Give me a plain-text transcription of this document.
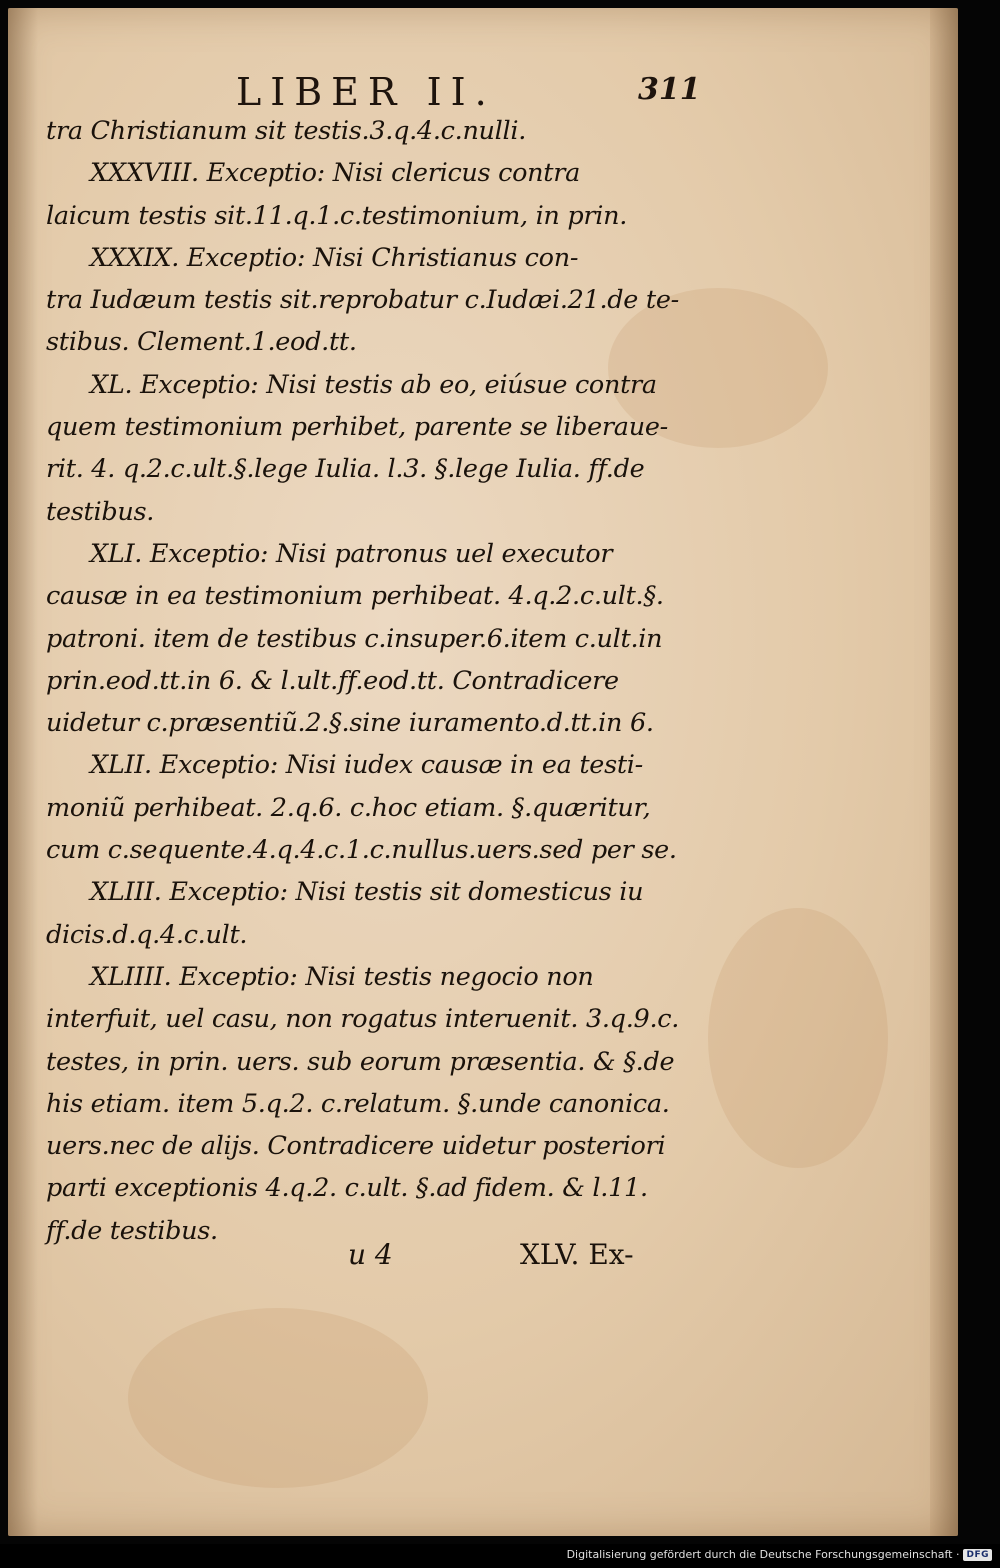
LIBER II.	311
tra Christianum sit testis.3.q.4.c.nulli.
XXXVIII. Exceptio: Nisi clericus contra
laicum testis sit.11.q.1.c.testimonium, in prin.
XXXIX. Exceptio: Nisi Christianus con-
tra Iudæum testis sit.reprobatur c.Iudæi.21.de te-
stibus. Clement.1.eod.tt.
XL. Exceptio: Nisi testis ab eo, eiúsue contra
quem testimonium perhibet, parente se liberaue-
rit. 4. q.2.c.ult.§.lege Iulia. l.3. §.lege Iulia. ff.de
testibus.
XLI. Exceptio: Nisi patronus uel executor
causæ in ea testimonium perhibeat. 4.q.2.c.ult.§.
patroni. item de testibus c.insuper.6.item c.ult.in
prin.eod.tt.in 6. & l.ult.ff.eod.tt. Contradicere
uidetur c.præsentiũ.2.§.sine iuramento.d.tt.in 6.
XLII. Exceptio: Nisi iudex causæ in ea testi-
moniũ perhibeat. 2.q.6. c.hoc etiam. §.quæritur,
cum c.sequente.4.q.4.c.1.c.nullus.uers.sed per se.
XLIII. Exceptio: Nisi testis sit domesticus iu
dicis.d.q.4.c.ult.
XLIIII. Exceptio: Nisi testis negocio non
interfuit, uel casu, non rogatus interuenit. 3.q.9.c.
testes, in prin. uers. sub eorum præsentia. & §.de
his etiam. item 5.q.2. c.relatum. §.unde canonica.
uers.nec de alijs. Contradicere uidetur posteriori
parti exceptionis 4.q.2. c.ult. §.ad fidem. & l.11.
ff.de testibus.
u 4	XLV. Ex-
Digitalisierung gefördert durch die Deutsche Forschungsgemeinschaft · DFG
